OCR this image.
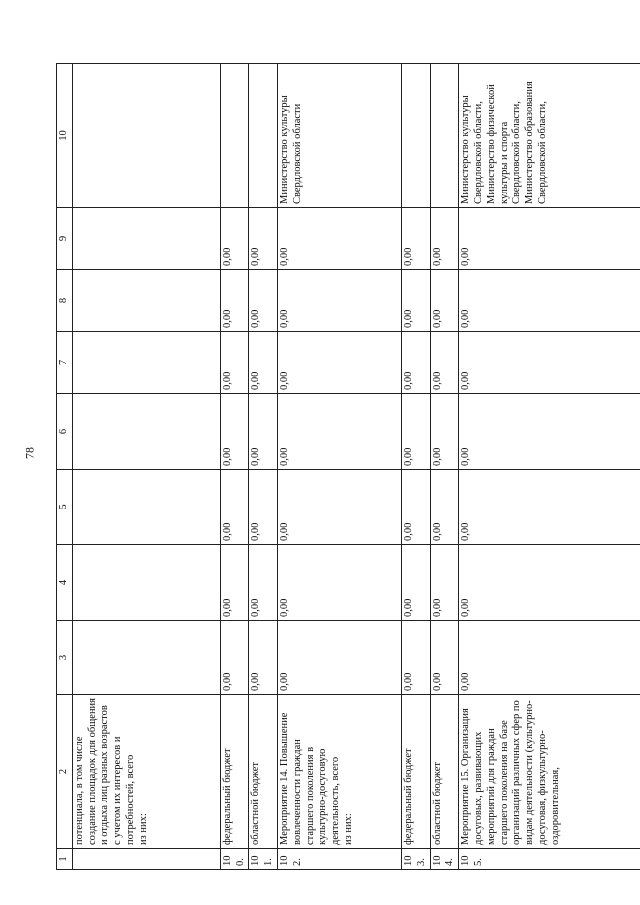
78
1	2	3	4	5	6	7	8	9	10
	потенциала, в том числе создание площадок для общения и отдыха лиц разных возрастов с учетом их интересов и потребностей, всего из них:								
100.	федеральный бюджет	0,00	0,00	0,00	0,00	0,00	0,00	0,00	
101.	областной бюджет	0,00	0,00	0,00	0,00	0,00	0,00	0,00	
102.	Мероприятие 14. Повышение вовлеченности граждан старшего поколения в культурно-досуговую деятельность, всего из них:	0,00	0,00	0,00	0,00	0,00	0,00	0,00	Министерство культуры Свердловской области
103.	федеральный бюджет	0,00	0,00	0,00	0,00	0,00	0,00	0,00	
104.	областной бюджет	0,00	0,00	0,00	0,00	0,00	0,00	0,00	
105.	Мероприятие 15. Организация досуговых, развивающих мероприятий для граждан старшего поколения на базе организаций различных сфер по видам деятельности (культурно-досуговая, физкультурно-оздоровительная,	0,00	0,00	0,00	0,00	0,00	0,00	0,00	Министерство культуры Свердловской области, Министерство физической культуры и спорта Свердловской области, Министерство образования Свердловской области,
